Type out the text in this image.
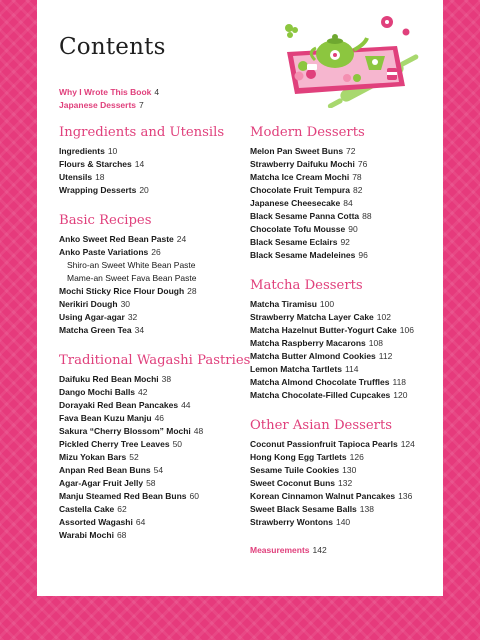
Contents
Why I Wrote This Book 4
Japanese Desserts 7
Ingredients and Utensils
Ingredients 10
Flours & Starches 14
Utensils 18
Wrapping Desserts 20
Basic Recipes
Anko Sweet Red Bean Paste 24
Anko Paste Variations 26
Shiro-an Sweet White Bean Paste
Mame-an Sweet Fava Bean Paste
Mochi Sticky Rice Flour Dough 28
Nerikiri Dough 30
Using Agar-agar 32
Matcha Green Tea 34
Traditional Wagashi Pastries
Daifuku Red Bean Mochi 38
Dango Mochi Balls 42
Dorayaki Red Bean Pancakes 44
Fava Bean Kuzu Manju 46
Sakura “Cherry Blossom” Mochi 48
Pickled Cherry Tree Leaves 50
Mizu Yokan Bars 52
Anpan Red Bean Buns 54
Agar-Agar Fruit Jelly 58
Manju Steamed Red Bean Buns 60
Castella Cake 62
Assorted Wagashi 64
Warabi Mochi 68
Modern Desserts
Melon Pan Sweet Buns 72
Strawberry Daifuku Mochi 76
Matcha Ice Cream Mochi 78
Chocolate Fruit Tempura 82
Japanese Cheesecake 84
Black Sesame Panna Cotta 88
Chocolate Tofu Mousse 90
Black Sesame Eclairs 92
Black Sesame Madeleines 96
Matcha Desserts
Matcha Tiramisu 100
Strawberry Matcha Layer Cake 102
Matcha Hazelnut Butter-Yogurt Cake 106
Matcha Raspberry Macarons 108
Matcha Butter Almond Cookies 112
Lemon Matcha Tartlets 114
Matcha Almond Chocolate Truffles 118
Matcha Chocolate-Filled Cupcakes 120
Other Asian Desserts
Coconut Passionfruit Tapioca Pearls 124
Hong Kong Egg Tartlets 126
Sesame Tuile Cookies 130
Sweet Coconut Buns 132
Korean Cinnamon Walnut Pancakes 136
Sweet Black Sesame Balls 138
Strawberry Wontons 140
Measurements 142
